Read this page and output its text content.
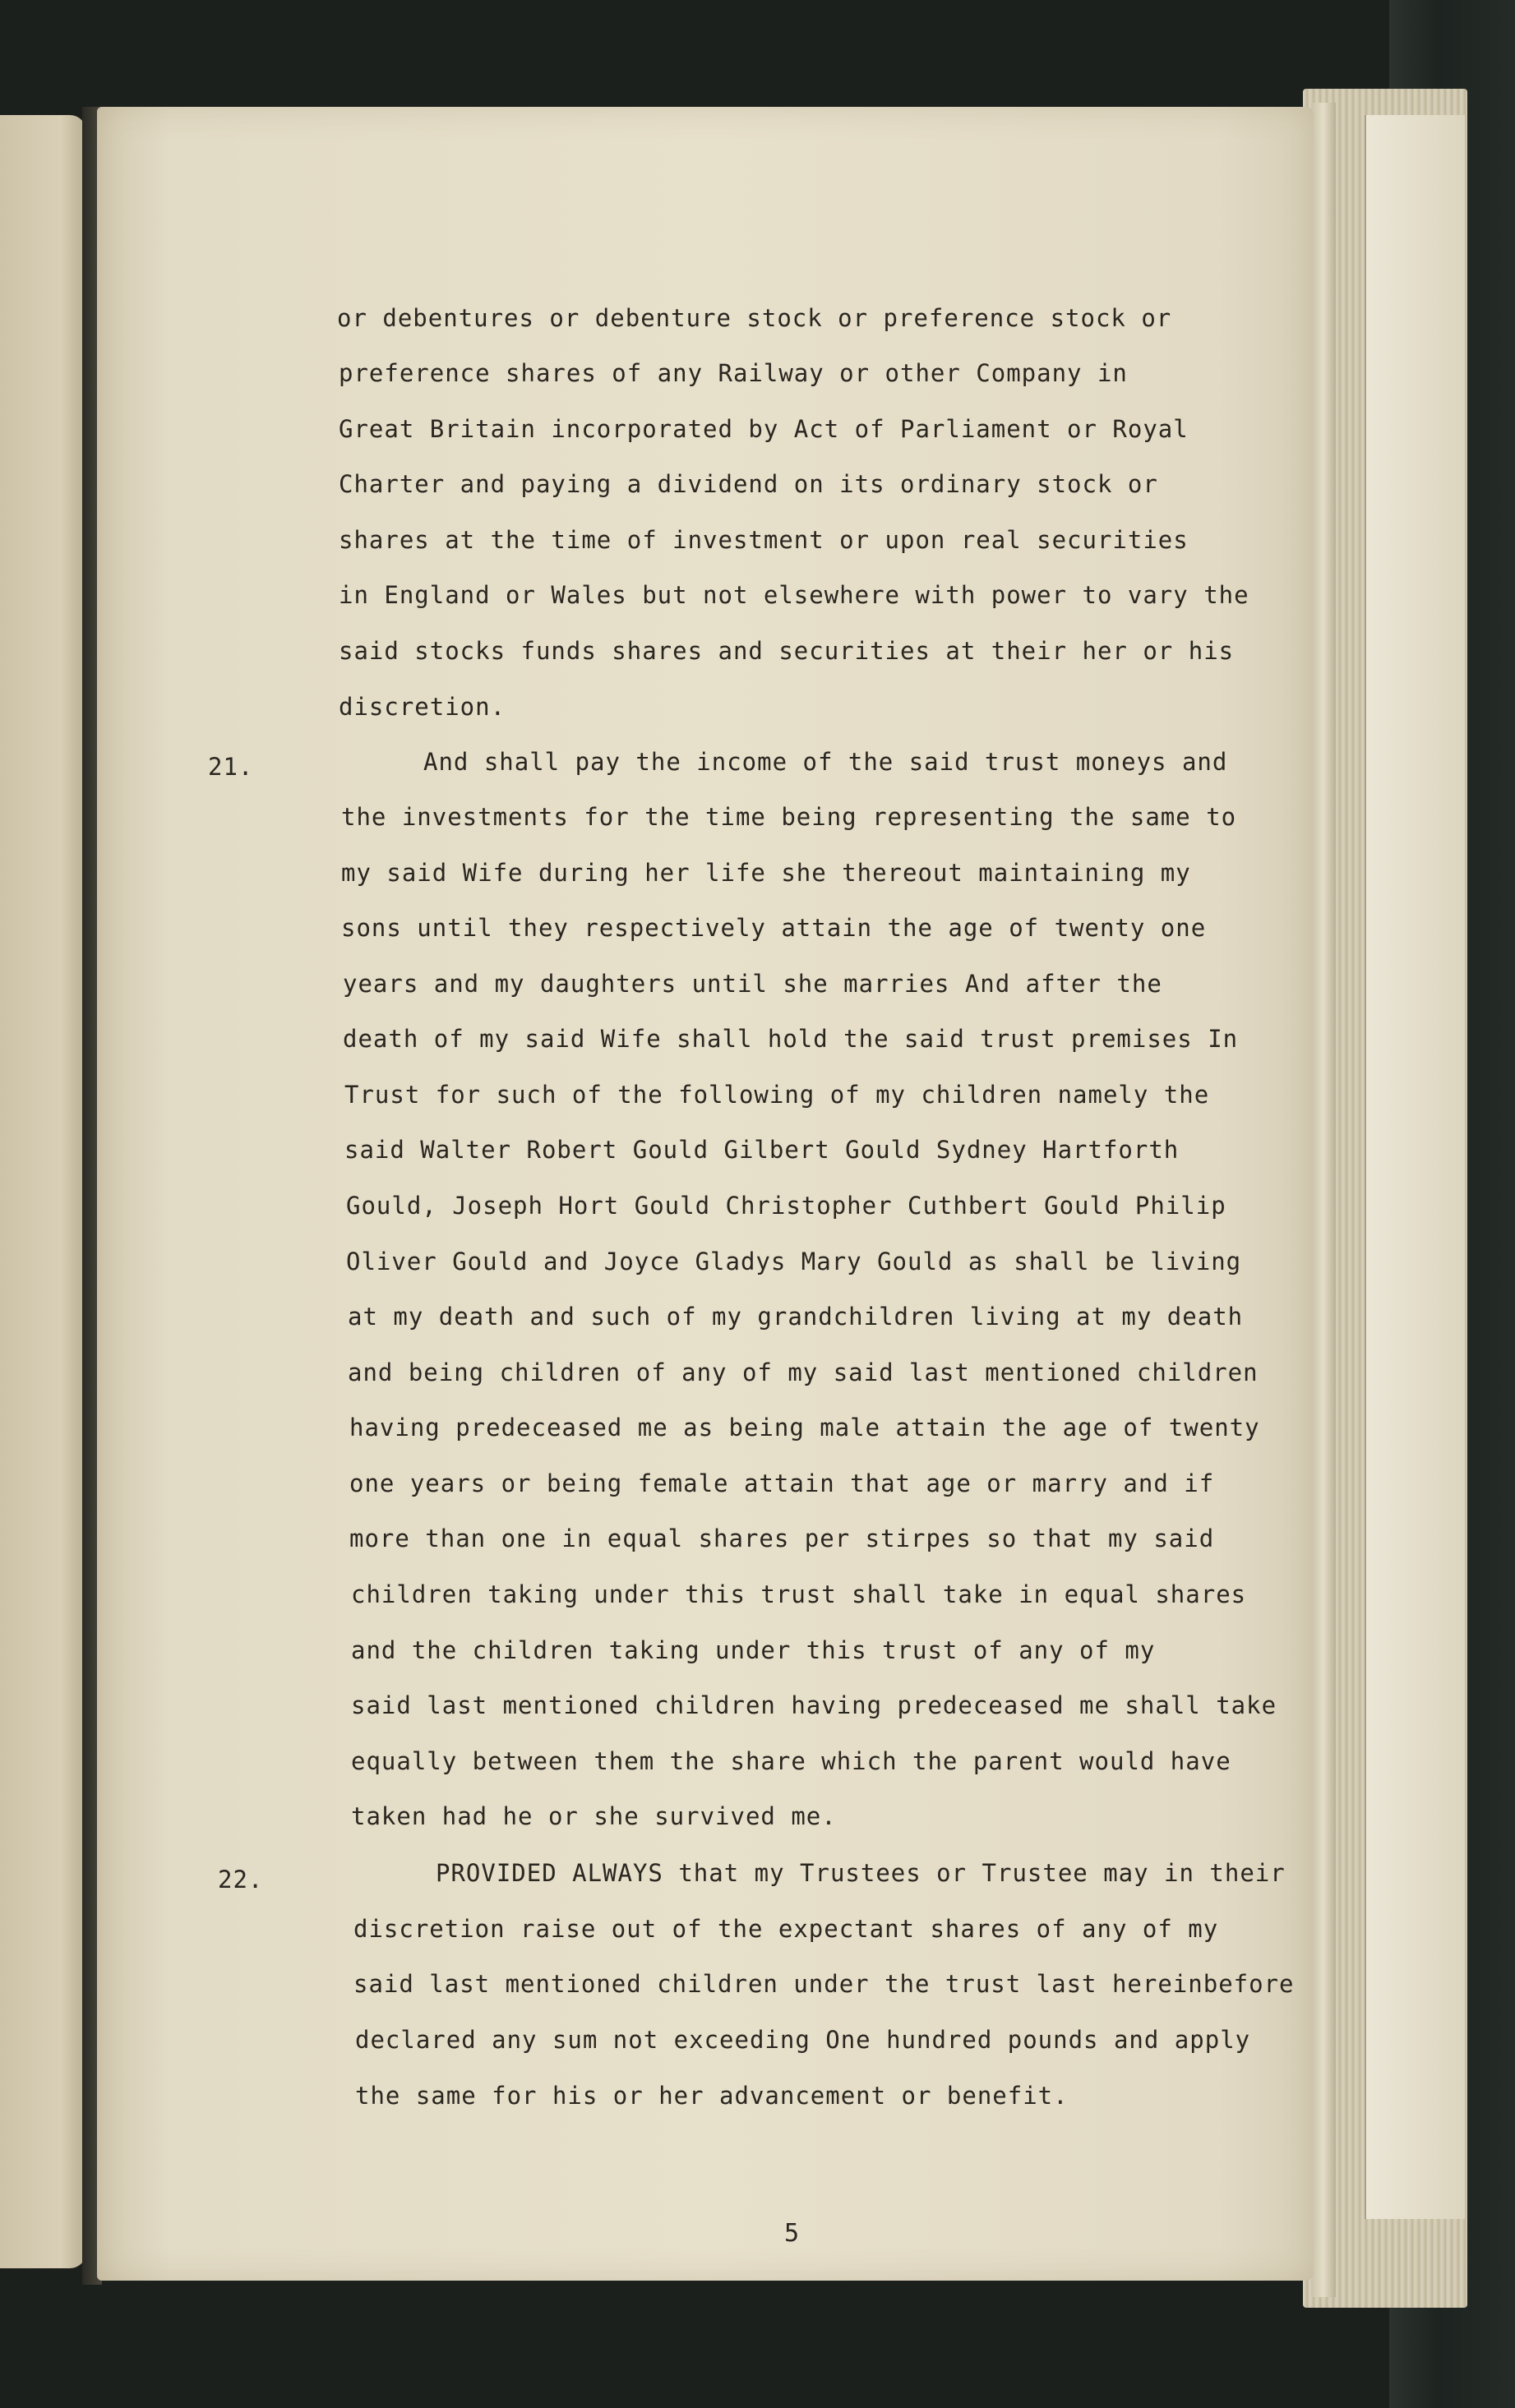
or debentures or debenture stock or preference stock or
preference shares of any Railway or other Company in
Great Britain incorporated by Act of Parliament or Royal
Charter and paying a dividend on its ordinary stock or
shares at the time of investment or upon real securities
in England or Wales but not elsewhere with power to vary the
said stocks funds shares and securities at their her or his
discretion.
21.	And shall pay the income of the said trust moneys and
the investments for the time being representing the same to
my said Wife during her life she thereout maintaining my
sons until they respectively attain the age of twenty one
years and my daughters until she marries And after the
death of my said Wife shall hold the said trust premises In
Trust for such of the following of my children namely the
said Walter Robert Gould Gilbert Gould Sydney Hartforth
Gould, Joseph Hort Gould Christopher Cuthbert Gould Philip
Oliver Gould and Joyce Gladys Mary Gould as shall be living
at my death and such of my grandchildren living at my death
and being children of any of my said last mentioned children
having predeceased me as being male attain the age of twenty
one years or being female attain that age or marry and if
more than one in equal shares per stirpes so that my said
children taking under this trust shall take in equal shares
and the children taking under this trust of any of my
said last mentioned children having predeceased me shall take
equally between them the share which the parent would have
taken had he or she survived me.
22.	PROVIDED ALWAYS that my Trustees or Trustee may in their
discretion raise out of the expectant shares of any of my
said last mentioned children under the trust last hereinbefore
declared any sum not exceeding One hundred pounds and apply
the same for his or her advancement or benefit.
5
